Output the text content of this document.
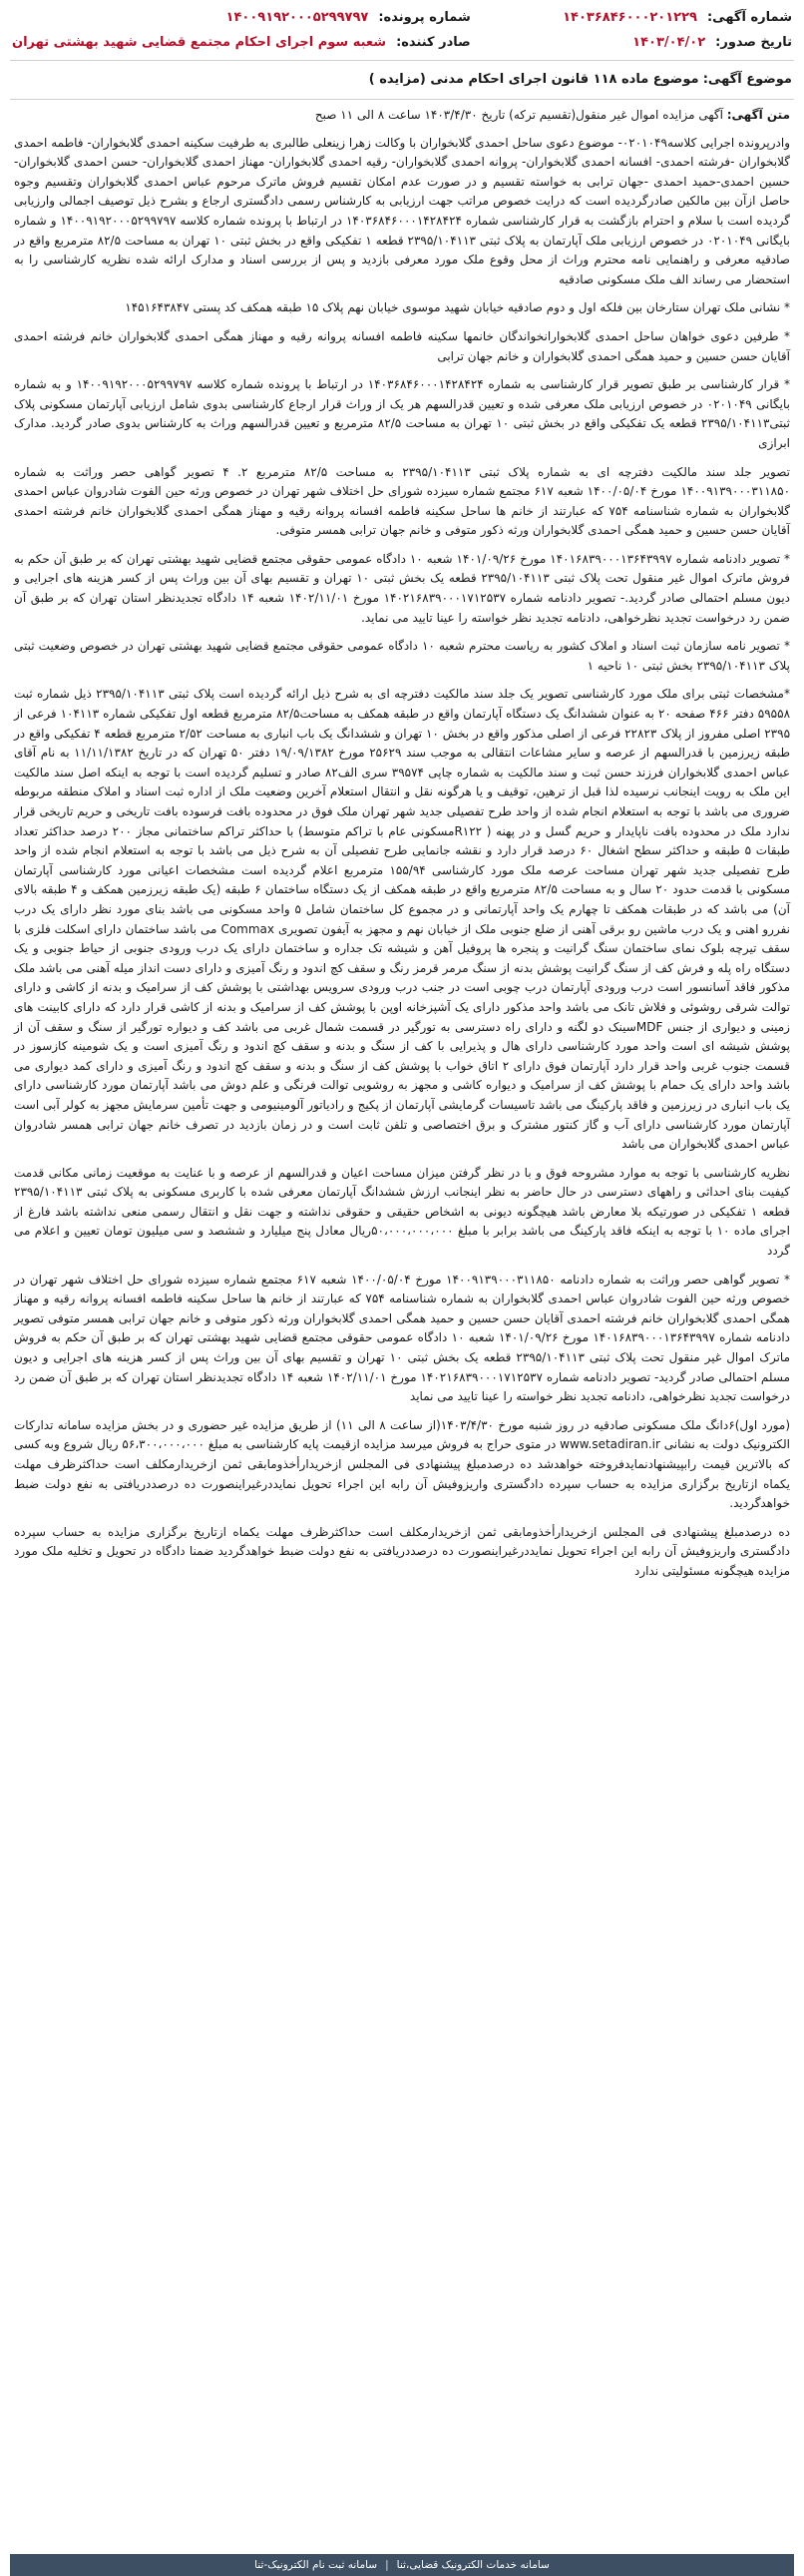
شماره آگهی:
۱۴۰۳۶۸۴۶۰۰۰۲۰۱۲۲۹
شماره پرونده:
۱۴۰۰۹۱۹۲۰۰۰۵۲۹۹۷۹۷
تاریخ صدور:
۱۴۰۳/۰۴/۰۲
صادر کننده:
شعبه سوم اجرای احکام مجتمع قضایی شهید بهشتی تهران
موضوع آگهی: موضوع ماده ۱۱۸ قانون اجرای احکام مدنی (مزایده )
متن آگهی: آگهی مزایده اموال غیر منقول(تقسیم ترکه) تاریخ ۱۴۰۳/۴/۳۰ ساعت ۸ الی ۱۱ صبح

وادرپرونده اجرایی کلاسه۰۲۰۱۰۴۹- موضوع دعوی ساحل احمدی گلابخواران با وکالت زهرا زینعلی طالبری به طرفیت سکینه احمدی گلابخواران- فاطمه احمدی گلابخواران -فرشته احمدی- افسانه احمدی گلابخواران- پروانه احمدی گلابخواران- رقیه احمدی گلابخواران- مهناز احمدی گلابخواران- حسن احمدی گلابخواران-حسین احمدی-حمید احمدی -جهان ترابی به خواسته تقسیم و در صورت عدم امکان تقسیم فروش ماترک مرحوم عباس احمدی گلابخواران وتقسیم وجوه حاصل ازآن بین مالکین صادرگردیده است که درایت خصوص مراتب جهت ارزیابی به کارشناس رسمی دادگستری ارجاع و بشرح ذیل توصیف اجمالی وارزیابی گردیده است با سلام و احترام بازگشت به قرار کارشناسی شماره ۱۴۰۳۶۸۴۶۰۰۰۱۴۲۸۴۲۴ در ارتباط با پرونده شماره کلاسه ۱۴۰۰۹۱۹۲۰۰۰۵۲۹۹۷۹۷ و شماره بایگانی ۰۲۰۱۰۴۹ در خصوص ارزیابی ملک آپارتمان به پلاک ثبتی ۲۳۹۵/۱۰۴۱۱۳ قطعه ۱ تفکیکی واقع در بخش ثبتی ۱۰ تهران به مساحت ۸۲/۵ مترمربع واقع در صادقیه معرفی و راهنمایی نامه محترم وراث از محل وقوع ملک مورد معرفی بازدید و پس از بررسی اسناد و مدارک ارائه شده نظریه کارشناسی را به استحضار می رساند الف ملک مسکونی صادقیه

* نشانی ملک تهران ستارخان بین فلکه اول و دوم صادقیه خیابان شهید موسوی خیابان نهم پلاک ۱۵ طبقه همکف کد پستی ۱۴۵۱۶۴۳۸۴۷

* طرفین دعوی خواهان ساحل احمدی گلابخوارانخواندگان خانمها سکینه فاطمه افسانه پروانه رقیه و مهناز همگی احمدی گلابخواران خانم فرشته احمدی آقایان حسن حسین و حمید همگی احمدی گلابخواران و خانم جهان ترابی

* قرار کارشناسی بر طبق تصویر قرار کارشناسی به شماره ۱۴۰۳۶۸۴۶۰۰۰۱۴۲۸۴۲۴ در ارتباط با پرونده شماره کلاسه ۱۴۰۰۹۱۹۲۰۰۰۵۲۹۹۷۹۷ و به شماره بایگانی ۰۲۰۱۰۴۹ در خصوص ارزیابی ملک معرفی شده و تعیین قدرالسهم هر یک از وراث قرار ارجاع کارشناسی بدوی شامل ارزیابی آپارتمان مسکونی پلاک ثبتی۲۳۹۵/۱۰۴۱۱۳ قطعه یک تفکیکی واقع در بخش ثبتی ۱۰ تهران به مساحت ۸۲/۵ مترمربع و تعیین قدرالسهم وراث به کارشناس بدوی صادر گردید. مدارک ابرازی

تصویر جلد سند مالکیت دفترچه ای به شماره پلاک ثبتی ۲۳۹۵/۱۰۴۱۱۳ به مساحت ۸۲/۵ مترمربع ۲. ۴ تصویر گواهی حصر وراثت به شماره ۱۴۰۰۹۱۳۹۰۰۰۳۱۱۸۵۰ مورخ ۱۴۰۰/۰۵/۰۴ شعبه ۶۱۷ مجتمع شماره سیزده شورای حل اختلاف شهر تهران در خصوص ورثه حین الفوت شادروان عباس احمدی گلابخواران به شماره شناسنامه ۷۵۴ که عبارتند از خانم ها ساحل سکینه فاطمه افسانه پروانه رقیه و مهناز همگی احمدی گلابخواران خانم فرشته احمدی آقایان حسن حسین و حمید همگی احمدی گلابخواران ورثه ذکور متوفی و خانم جهان ترابی همسر متوفی.

* تصویر دادنامه شماره ۱۴۰۱۶۸۳۹۰۰۰۱۳۶۴۳۹۹۷ مورخ ۱۴۰۱/۰۹/۲۶ شعبه ۱۰ دادگاه عمومی حقوقی مجتمع قضایی شهید بهشتی تهران که بر طبق آن حکم به فروش ماترک اموال غیر منقول تحت پلاک ثبتی ۲۳۹۵/۱۰۴۱۱۳ قطعه یک بخش ثبتی ۱۰ تهران و تقسیم بهای آن بین وراث پس از کسر هزینه های اجرایی و دیون مسلم احتمالی صادر گردید.- تصویر دادنامه شماره ۱۴۰۲۱۶۸۳۹۰۰۰۱۷۱۲۵۳۷ مورخ ۱۴۰۲/۱۱/۰۱ شعبه ۱۴ دادگاه تجدیدنظر استان تهران که بر طبق آن ضمن رد درخواست تجدید نظرخواهی، دادنامه تجدید نظر خواسته را عینا تایید می نماید.

* تصویر نامه سازمان ثبت اسناد و املاک کشور به ریاست محترم شعبه ۱۰ دادگاه عمومی حقوقی مجتمع قضایی شهید بهشتی تهران در خصوص وضعیت ثبتی پلاک ۲۳۹۵/۱۰۴۱۱۳ بخش ثبتی ۱۰ ناحیه ۱

*مشخصات ثبتی برای ملک مورد کارشناسی تصویر یک جلد سند مالکیت دفترچه ای به شرح ذیل ارائه گردیده است پلاک ثبتی ۲۳۹۵/۱۰۴۱۱۳ ذیل شماره ثبت ۵۹۵۵۸ دفتر ۴۶۶ صفحه ۲۰ به عنوان ششدانگ یک دستگاه آپارتمان واقع در طبقه همکف به مساحت۸۲/۵ مترمربع قطعه اول تفکیکی شماره ۱۰۴۱۱۳ فرعی از ۲۳۹۵ اصلی مفروز از پلاک ۲۲۸۲۳ فرعی از اصلی مذکور واقع در بخش ۱۰ تهران و ششدانگ یک باب انباری به مساحت ۲/۵۲ مترمربع قطعه ۴ تفکیکی واقع در طبقه زیرزمین با قدرالسهم از عرصه و سایر مشاعات انتقالی به موجب سند ۲۵۶۲۹ مورخ ۱۹/۰۹/۱۳۸۲ دفتر ۵۰ تهران که در تاریخ ۱۱/۱۱/۱۳۸۲ به نام آقای عباس احمدی گلابخواران فرزند حسن ثبت و سند مالکیت به شماره چاپی ۳۹۵۷۴ سری الف۸۲ صادر و تسلیم گردیده است با توجه به اینکه اصل سند مالکیت این ملک به رویت اینجانب نرسیده لذا قبل از ترهین، توقیف و یا هرگونه نقل و انتقال استعلام آخرین وضعیت ملک از اداره ثبت اسناد و املاک منطقه مربوطه ضروری می باشد با توجه به استعلام انجام شده از واحد طرح تفصیلی جدید شهر تهران ملک فوق در محدوده بافت فرسوده بافت تاریخی و حریم تاریخی قرار ندارد ملک در محدوده بافت ناپایدار و حریم گسل و در پهنه ( R۱۲۲مسکونی عام با تراکم متوسط) با حداکثر تراکم ساختمانی مجاز ۲۰۰ درصد حداکثر تعداد طبقات ۵ طبقه و حداکثر سطح اشغال ۶۰ درصد قرار دارد و نقشه جانمایی طرح تفصیلی آن به شرح ذیل می باشد با توجه به استعلام انجام شده از واحد طرح تفصیلی جدید شهر تهران مساحت عرصه ملک مورد کارشناسی ۱۵۵/۹۴ مترمربع اعلام گردیده است مشخصات اعیانی مورد کارشناسی آپارتمان مسکونی با قدمت حدود ۲۰ سال و به مساحت ۸۲/۵ مترمربع واقع در طبقه همکف از یک دستگاه ساختمان ۶ طبقه (یک طبقه زیرزمین همکف و ۴ طبقه بالای آن) می باشد که در طبقات همکف تا چهارم یک واحد آپارتمانی و در مجموع کل ساختمان شامل ۵ واحد مسکونی می باشد بنای مورد نظر دارای یک درب نفررو اهنی و یک درب ماشین رو برقی آهنی از ضلع جنوبی ملک از خیابان نهم و مجهز به آیفون تصویری Commax می باشد ساختمان دارای اسکلت فلزی با سقف تیرچه بلوک نمای ساختمان سنگ گرانیت و پنجره ها پروفیل آهن و شیشه تک جداره و ساختمان دارای یک درب ورودی جنوبی از حیاط جنوبی و یک دستگاه راه پله و فرش کف از سنگ گرانیت پوشش بدنه از سنگ مرمر قرمز رنگ و سقف کچ اندود و رنگ آمیزی و دارای دست انداز میله آهنی می باشد ملک مذکور فاقد آسانسور است درب ورودی آپارتمان درب چوبی است در جنب درب ورودی سرویس بهداشتی با پوشش کف از سرامیک و بدنه از کاشی و دارای توالت شرقی روشوئی و فلاش تانک می باشد واحد مذکور دارای یک آشپزخانه اوپن با پوشش کف از سرامیک و بدنه از کاشی قرار دارد که دارای کابینت های زمینی و دیواری از جنس MDFسینک دو لگنه و دارای راه دسترسی به تورگیر در قسمت شمال غربی می باشد کف و دیواره تورگیر از سنگ و سقف آن از پوشش شیشه ای است واحد مورد کارشناسی دارای هال و پذیرایی با کف از سنگ و بدنه و سقف کچ اندود و رنگ آمیزی است و یک شومینه کازسوز در قسمت جنوب غربی واحد قرار دارد آپارتمان فوق دارای ۲ اتاق خواب با پوشش کف از سنگ و بدنه و سقف کچ اندود و رنگ آمیزی و دارای کمد دیواری می باشد واحد دارای یک حمام با پوشش کف از سرامیک و دیواره کاشی و مجهز به روشویی توالت فرنگی و علم دوش می باشد آپارتمان مورد کارشناسی دارای یک باب انباری در زیرزمین و فاقد پارکینگ می باشد تاسیسات گرمایشی آپارتمان از پکیج و رادیاتور آلومینیومی و جهت تأمین سرمایش مجهز به کولر آبی است آپارتمان مورد کارشناسی دارای آب و گاز کنتور مشترک و برق اختصاصی و تلفن ثابت است و در زمان بازدید در تصرف خانم جهان ترابی همسر شادروان عباس احمدی گلابخواران می باشد

نظریه کارشناسی با توجه به موارد مشروحه فوق و با در نظر گرفتن میزان مساحت اعیان و قدرالسهم از عرصه و با عنایت به موقعیت زمانی مکانی قدمت کیفیت بنای احداثی و راههای دسترسی در حال حاضر به نظر اینجانب ارزش ششدانگ آپارتمان معرفی شده با کاربری مسکونی به پلاک ثبتی ۲۳۹۵/۱۰۴۱۱۳ قطعه ۱ تفکیکی در صورتیکه بلا معارض باشد هیچگونه دیونی به اشخاص حقیقی و حقوقی نداشته و جهت نقل و انتقال رسمی منعی نداشته باشد فارغ از اجرای ماده ۱۰ با توجه به اینکه فاقد پارکینگ می باشد برابر با مبلغ ۵۰،۰۰۰،۰۰۰،۰۰۰ریال معادل پنج میلیارد و ششصد و سی میلیون تومان تعیین و اعلام می گردد

* تصویر گواهی حصر وراثت به شماره دادنامه ۱۴۰۰۹۱۳۹۰۰۰۳۱۱۸۵۰ مورخ ۱۴۰۰/۰۵/۰۴ شعبه ۶۱۷ مجتمع شماره سیزده شورای حل اختلاف شهر تهران در خصوص ورثه حین الفوت شادروان عباس احمدی گلابخواران به شماره شناسنامه ۷۵۴ که عبارتند از خانم ها ساحل سکینه فاطمه افسانه پروانه رقیه و مهناز همگی احمدی گلابخواران خانم فرشته احمدی آقایان حسن حسین و حمید همگی احمدی گلابخواران ورثه ذکور متوفی و خانم جهان ترابی همسر متوفی تصویر دادنامه شماره ۱۴۰۱۶۸۳۹۰۰۰۱۳۶۴۳۹۹۷ مورخ ۱۴۰۱/۰۹/۲۶ شعبه ۱۰ دادگاه عمومی حقوقی مجتمع قضایی شهید بهشتی تهران که بر طبق آن حکم به فروش ماترک اموال غیر منقول تحت پلاک ثبتی ۲۳۹۵/۱۰۴۱۱۳ قطعه یک بخش ثبتی ۱۰ تهران و تقسیم بهای آن بین وراث پس از کسر هزینه های اجرایی و دیون مسلم احتمالی صادر گردید- تصویر دادنامه شماره ۱۴۰۲۱۶۸۳۹۰۰۰۱۷۱۲۵۳۷ مورخ ۱۴۰۲/۱۱/۰۱ شعبه ۱۴ دادگاه تجدیدنظر استان تهران که بر طبق آن ضمن رد درخواست تجدید نظرخواهی، دادنامه تجدید نظر خواسته را عینا تایید می نماید

(مورد اول)۶دانگ ملک مسکونی صادقیه در روز شنبه مورخ ۱۴۰۳/۴/۳۰(از ساعت ۸ الی ۱۱) از طریق مزایده غیر حضوری و در بخش مزایده سامانه تدارکات الکترونیک دولت به نشانی www.setadiran.ir در متوی حراج به فروش میرسد مزایده ازقیمت پایه کارشناسی به مبلغ ۵۶،۳۰۰،۰۰۰،۰۰۰ ریال شروع وبه کسی که بالاترین قیمت رابپیشنهادنمایدفروخته خواهدشد ده درصدمبلغ پیشنهادی فی المجلس ازخریدارأخذومابقی ثمن ازخریدارمکلف است حداکثرظرف مهلت یکماه ازتاریخ برگزاری مزایده به حساب سپرده دادگستری واریزوفیش آن رابه این اجراء تحویل نمایددرغیراینصورت ده درصددریافتی به نفع دولت ضبط خواهدگردید.

ده درصدمبلغ پیشنهادی فی المجلس ازخریدارأخذومابقی ثمن ازخریدارمکلف است حداکثرظرف مهلت یکماه ازتاریخ برگزاری مزایده به حساب سپرده دادگستری واریزوفیش آن رابه این اجراء تحویل نمایددرغیراینصورت ده درصددریافتی به نفع دولت ضبط خواهدگردید ضمنا دادگاه در تحویل و تخلیه ملک مورد مزایده هیچگونه مسئولیتی ندارد

سامانه خدمات الکترونیک قضایی،ثنا
|
سامانه ثبت نام الکترونیک-ثنا
